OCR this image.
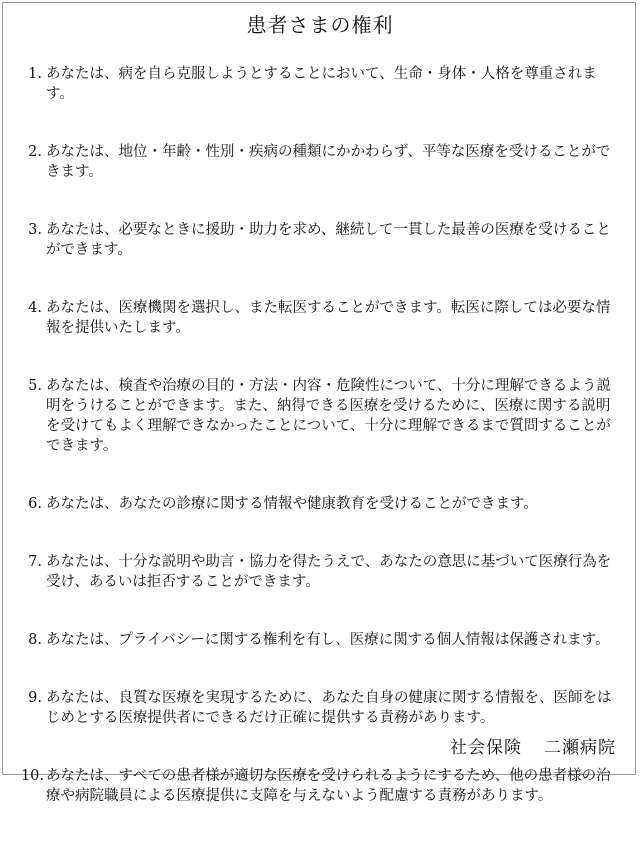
患者さまの権利
1. あなたは、病を自ら克服しようとすることにおいて、生命・身体・人格を尊重されます。
2. あなたは、地位・年齢・性別・疾病の種類にかかわらず、平等な医療を受けることができます。
3. あなたは、必要なときに援助・助力を求め、継続して一貫した最善の医療を受けることができます。
4. あなたは、医療機関を選択し、また転医することができます。転医に際しては必要な情報を提供いたします。
5. あなたは、検査や治療の目的・方法・内容・危険性について、十分に理解できるよう説明をうけることができます。また、納得できる医療を受けるために、医療に関する説明を受けてもよく理解できなかったことについて、十分に理解できるまで質問することができます。
6. あなたは、あなたの診療に関する情報や健康教育を受けることができます。
7. あなたは、十分な説明や助言・協力を得たうえで、あなたの意思に基づいて医療行為を受け、あるいは拒否することができます。
8. あなたは、プライバシーに関する権利を有し、医療に関する個人情報は保護されます。
9. あなたは、良質な医療を実現するために、あなた自身の健康に関する情報を、医師をはじめとする医療提供者にできるだけ正確に提供する責務があります。
10. あなたは、すべての患者様が適切な医療を受けられるようにするため、他の患者様の治療や病院職員による医療提供に支障を与えないよう配慮する責務があります。
社会保険 二瀬病院
